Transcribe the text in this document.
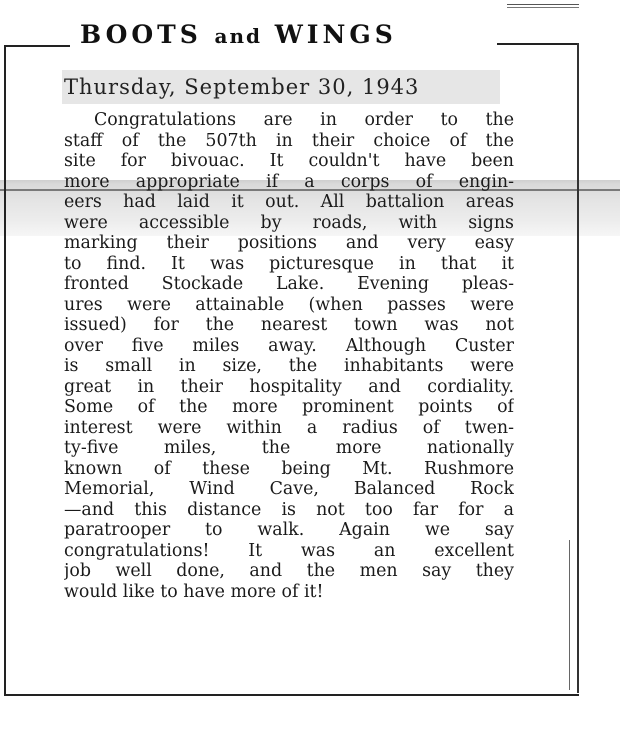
BOOTS and WINGS
Thursday, September 30, 1943
Congratulations are in order to the
staff of the 507th in their choice of the
site for bivouac. It couldn't have been
more appropriate if a corps of engin-
eers had laid it out. All battalion areas
were accessible by roads, with signs
marking their positions and very easy
to find. It was picturesque in that it
fronted Stockade Lake. Evening pleas-
ures were attainable (when passes were
issued) for the nearest town was not
over five miles away. Although Custer
is small in size, the inhabitants were
great in their hospitality and cordiality.
Some of the more prominent points of
interest were within a radius of twen-
ty-five miles, the more nationally
known of these being Mt. Rushmore
Memorial, Wind Cave, Balanced Rock
—and this distance is not too far for a
paratrooper to walk. Again we say
congratulations! It was an excellent
job well done, and the men say they
would like to have more of it!
